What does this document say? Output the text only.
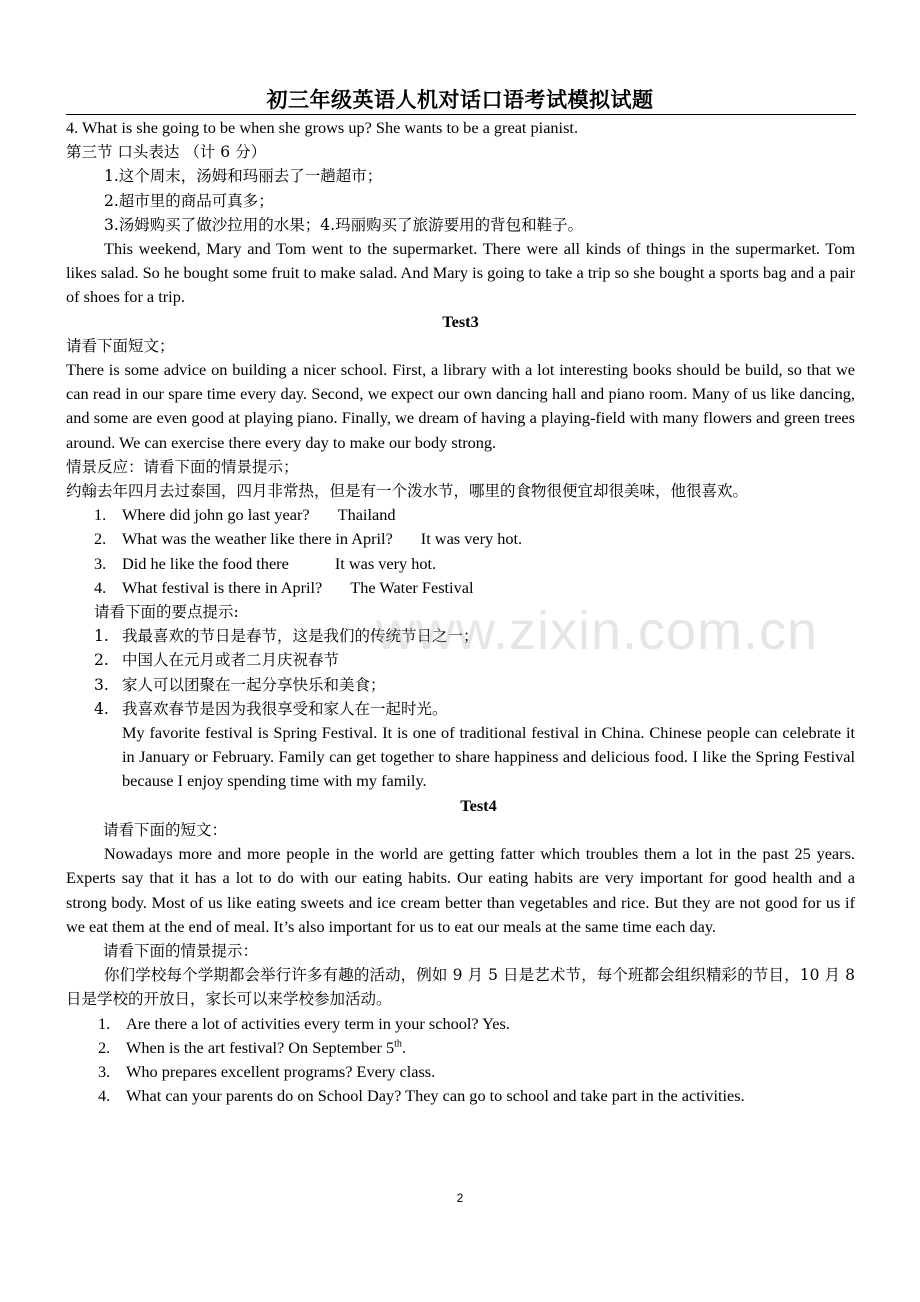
初三年级英语人机对话口语考试模拟试题

4. What is she going to be when she grows up? She wants to be a great pianist.

第三节 口头表达 （计 6 分）

1.这个周末，汤姆和玛丽去了一趟超市；

2.超市里的商品可真多；

3.汤姆购买了做沙拉用的水果；4.玛丽购买了旅游要用的背包和鞋子。

This weekend, Mary and Tom went to the supermarket. There were all kinds of things in the supermarket. Tom likes salad. So he bought some fruit to make salad. And Mary is going to take a trip so she bought a sports bag and a pair of shoes for a trip.

Test3

请看下面短文；

There is some advice on building a nicer school. First, a library with a lot interesting books should be build, so that we can read in our spare time every day. Second, we expect our own dancing hall and piano room. Many of us like dancing, and some are even good at playing piano. Finally, we dream of having a playing-field with many flowers and green trees around. We can exercise there every day to make our body strong.

情景反应：请看下面的情景提示；

约翰去年四月去过泰国，四月非常热，但是有一个泼水节，哪里的食物很便宜却很美味，他很喜欢。

1. Where did john go last year? Thailand
2. What was the weather like there in April? It was very hot.
3. Did he like the food there	It was very hot.
4. What festival is there in April? The Water Festival

请看下面的要点提示:

1. 我最喜欢的节日是春节，这是我们的传统节日之一；
2. 中国人在元月或者二月庆祝春节
3. 家人可以团聚在一起分享快乐和美食；
4. 我喜欢春节是因为我很享受和家人在一起时光。

My favorite festival is Spring Festival. It is one of traditional festival in China. Chinese people can celebrate it in January or February. Family can get together to share happiness and delicious food. I like the Spring Festival because I enjoy spending time with my family.

Test4

请看下面的短文：

Nowadays more and more people in the world are getting fatter which troubles them a lot in the past 25 years. Experts say that it has a lot to do with our eating habits. Our eating habits are very important for good health and a strong body. Most of us like eating sweets and ice cream better than vegetables and rice. But they are not good for us if we eat them at the end of meal. It’s also important for us to eat our meals at the same time each day.

请看下面的情景提示：

你们学校每个学期都会举行许多有趣的活动，例如 9 月 5 日是艺术节，每个班都会组织精彩的节目，10 月 8 日是学校的开放日，家长可以来学校参加活动。

1. Are there a lot of activities every term in your school? Yes.
2. When is the art festival? On September 5th.
3. Who prepares excellent programs? Every class.
4. What can your parents do on School Day? They can go to school and take part in the activities.
www.zixin.com.cn
2
